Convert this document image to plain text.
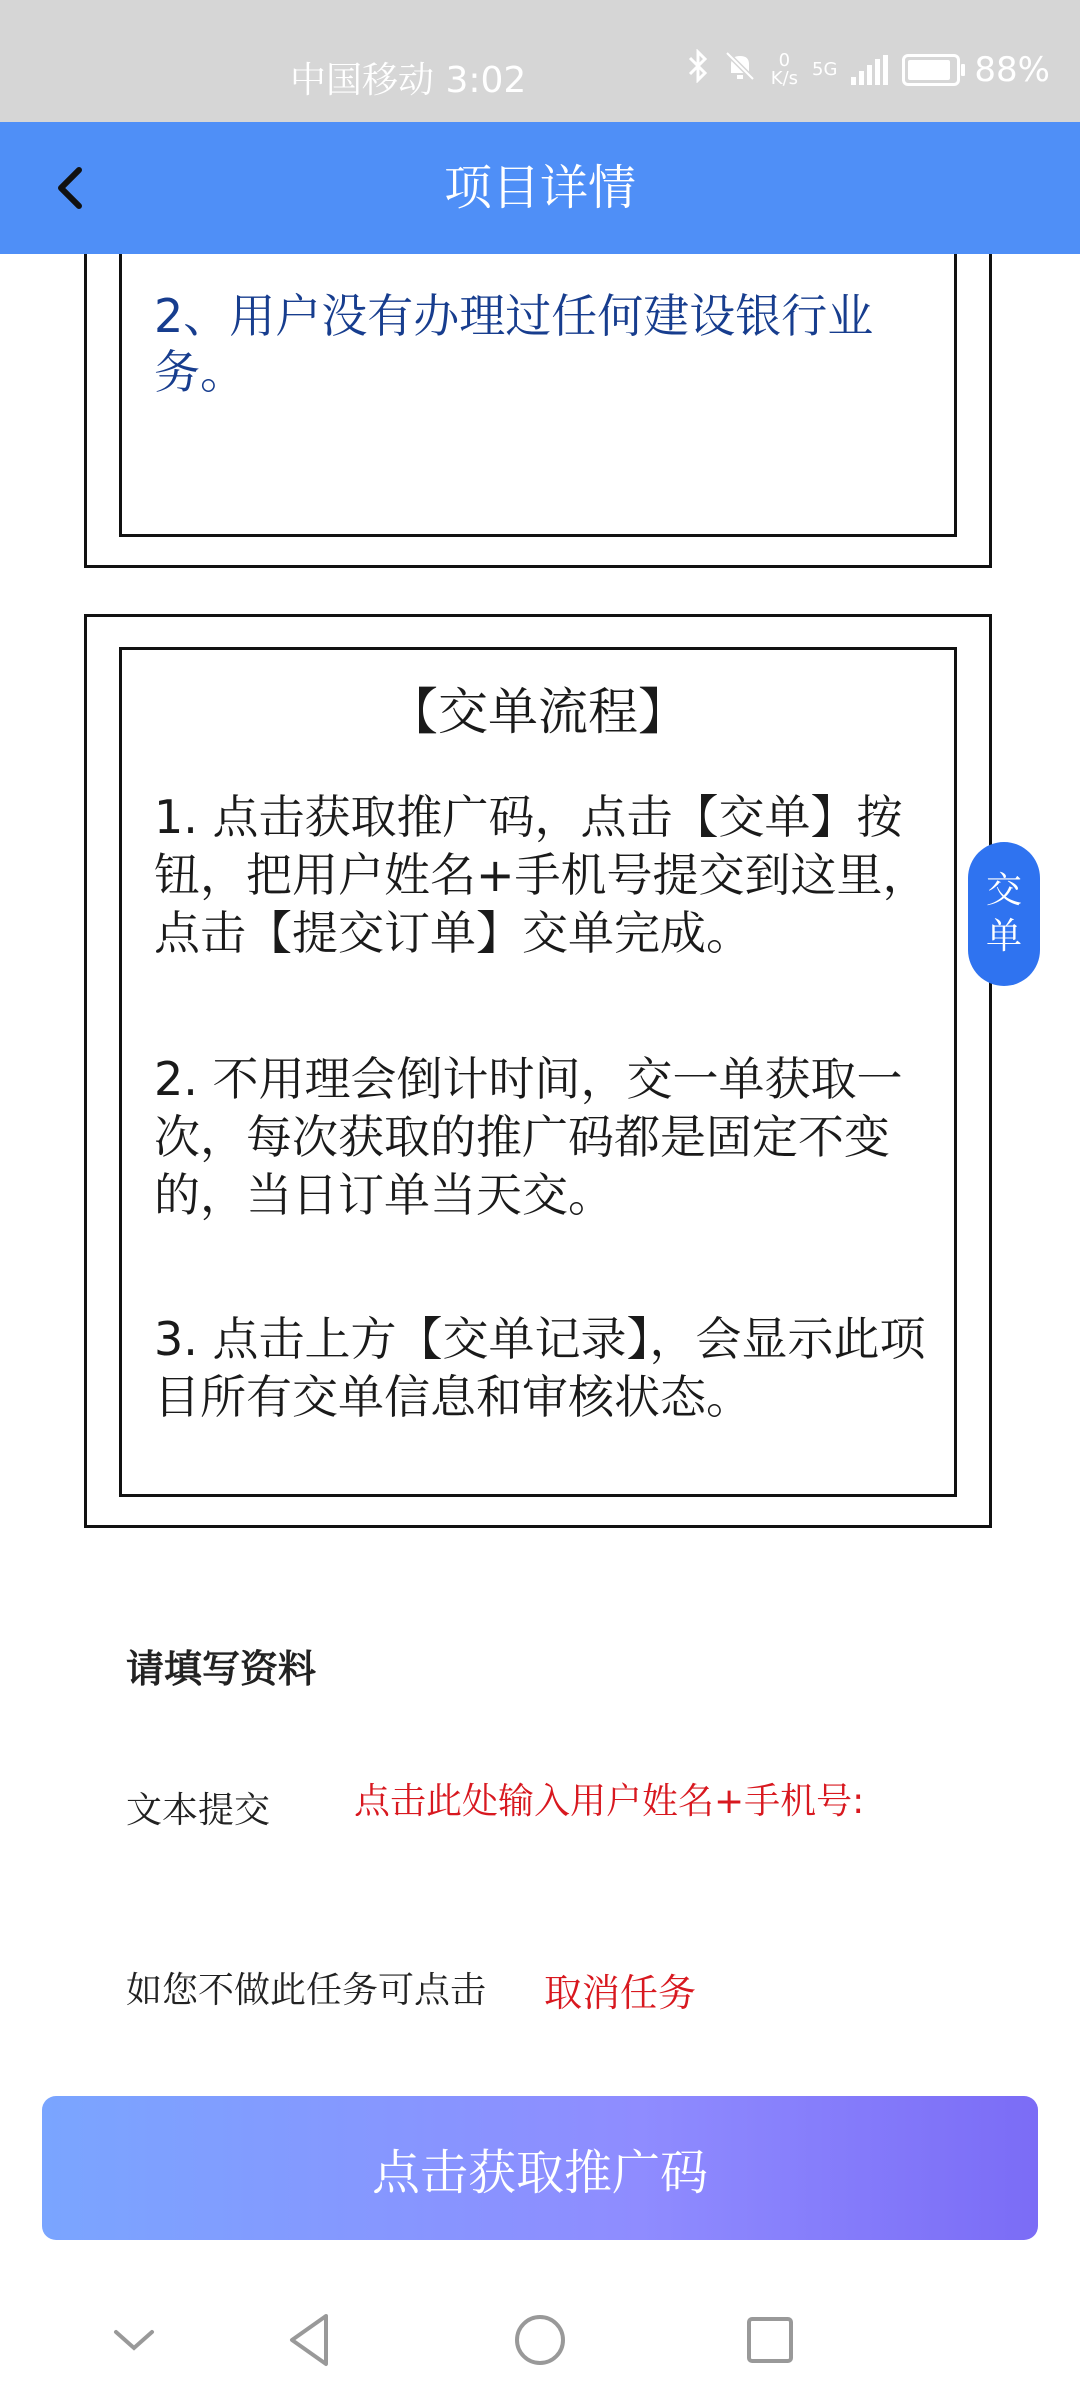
中国移动 3:02	0
K/s 5G	88%
项目详情
2、用户没有办理过任何建设银行业务。
【交单流程】
1. 点击获取推广码，点击【交单】按钮，把用户姓名+手机号提交到这里，点击【提交订单】交单完成。
2. 不用理会倒计时间，交一单获取一次，每次获取的推广码都是固定不变的，当日订单当天交。
3. 点击上方【交单记录】，会显示此项目所有交单信息和审核状态。
交
单
请填写资料
文本提交
点击此处输入用户姓名+手机号:
如您不做此任务可点击 取消任务
点击获取推广码
